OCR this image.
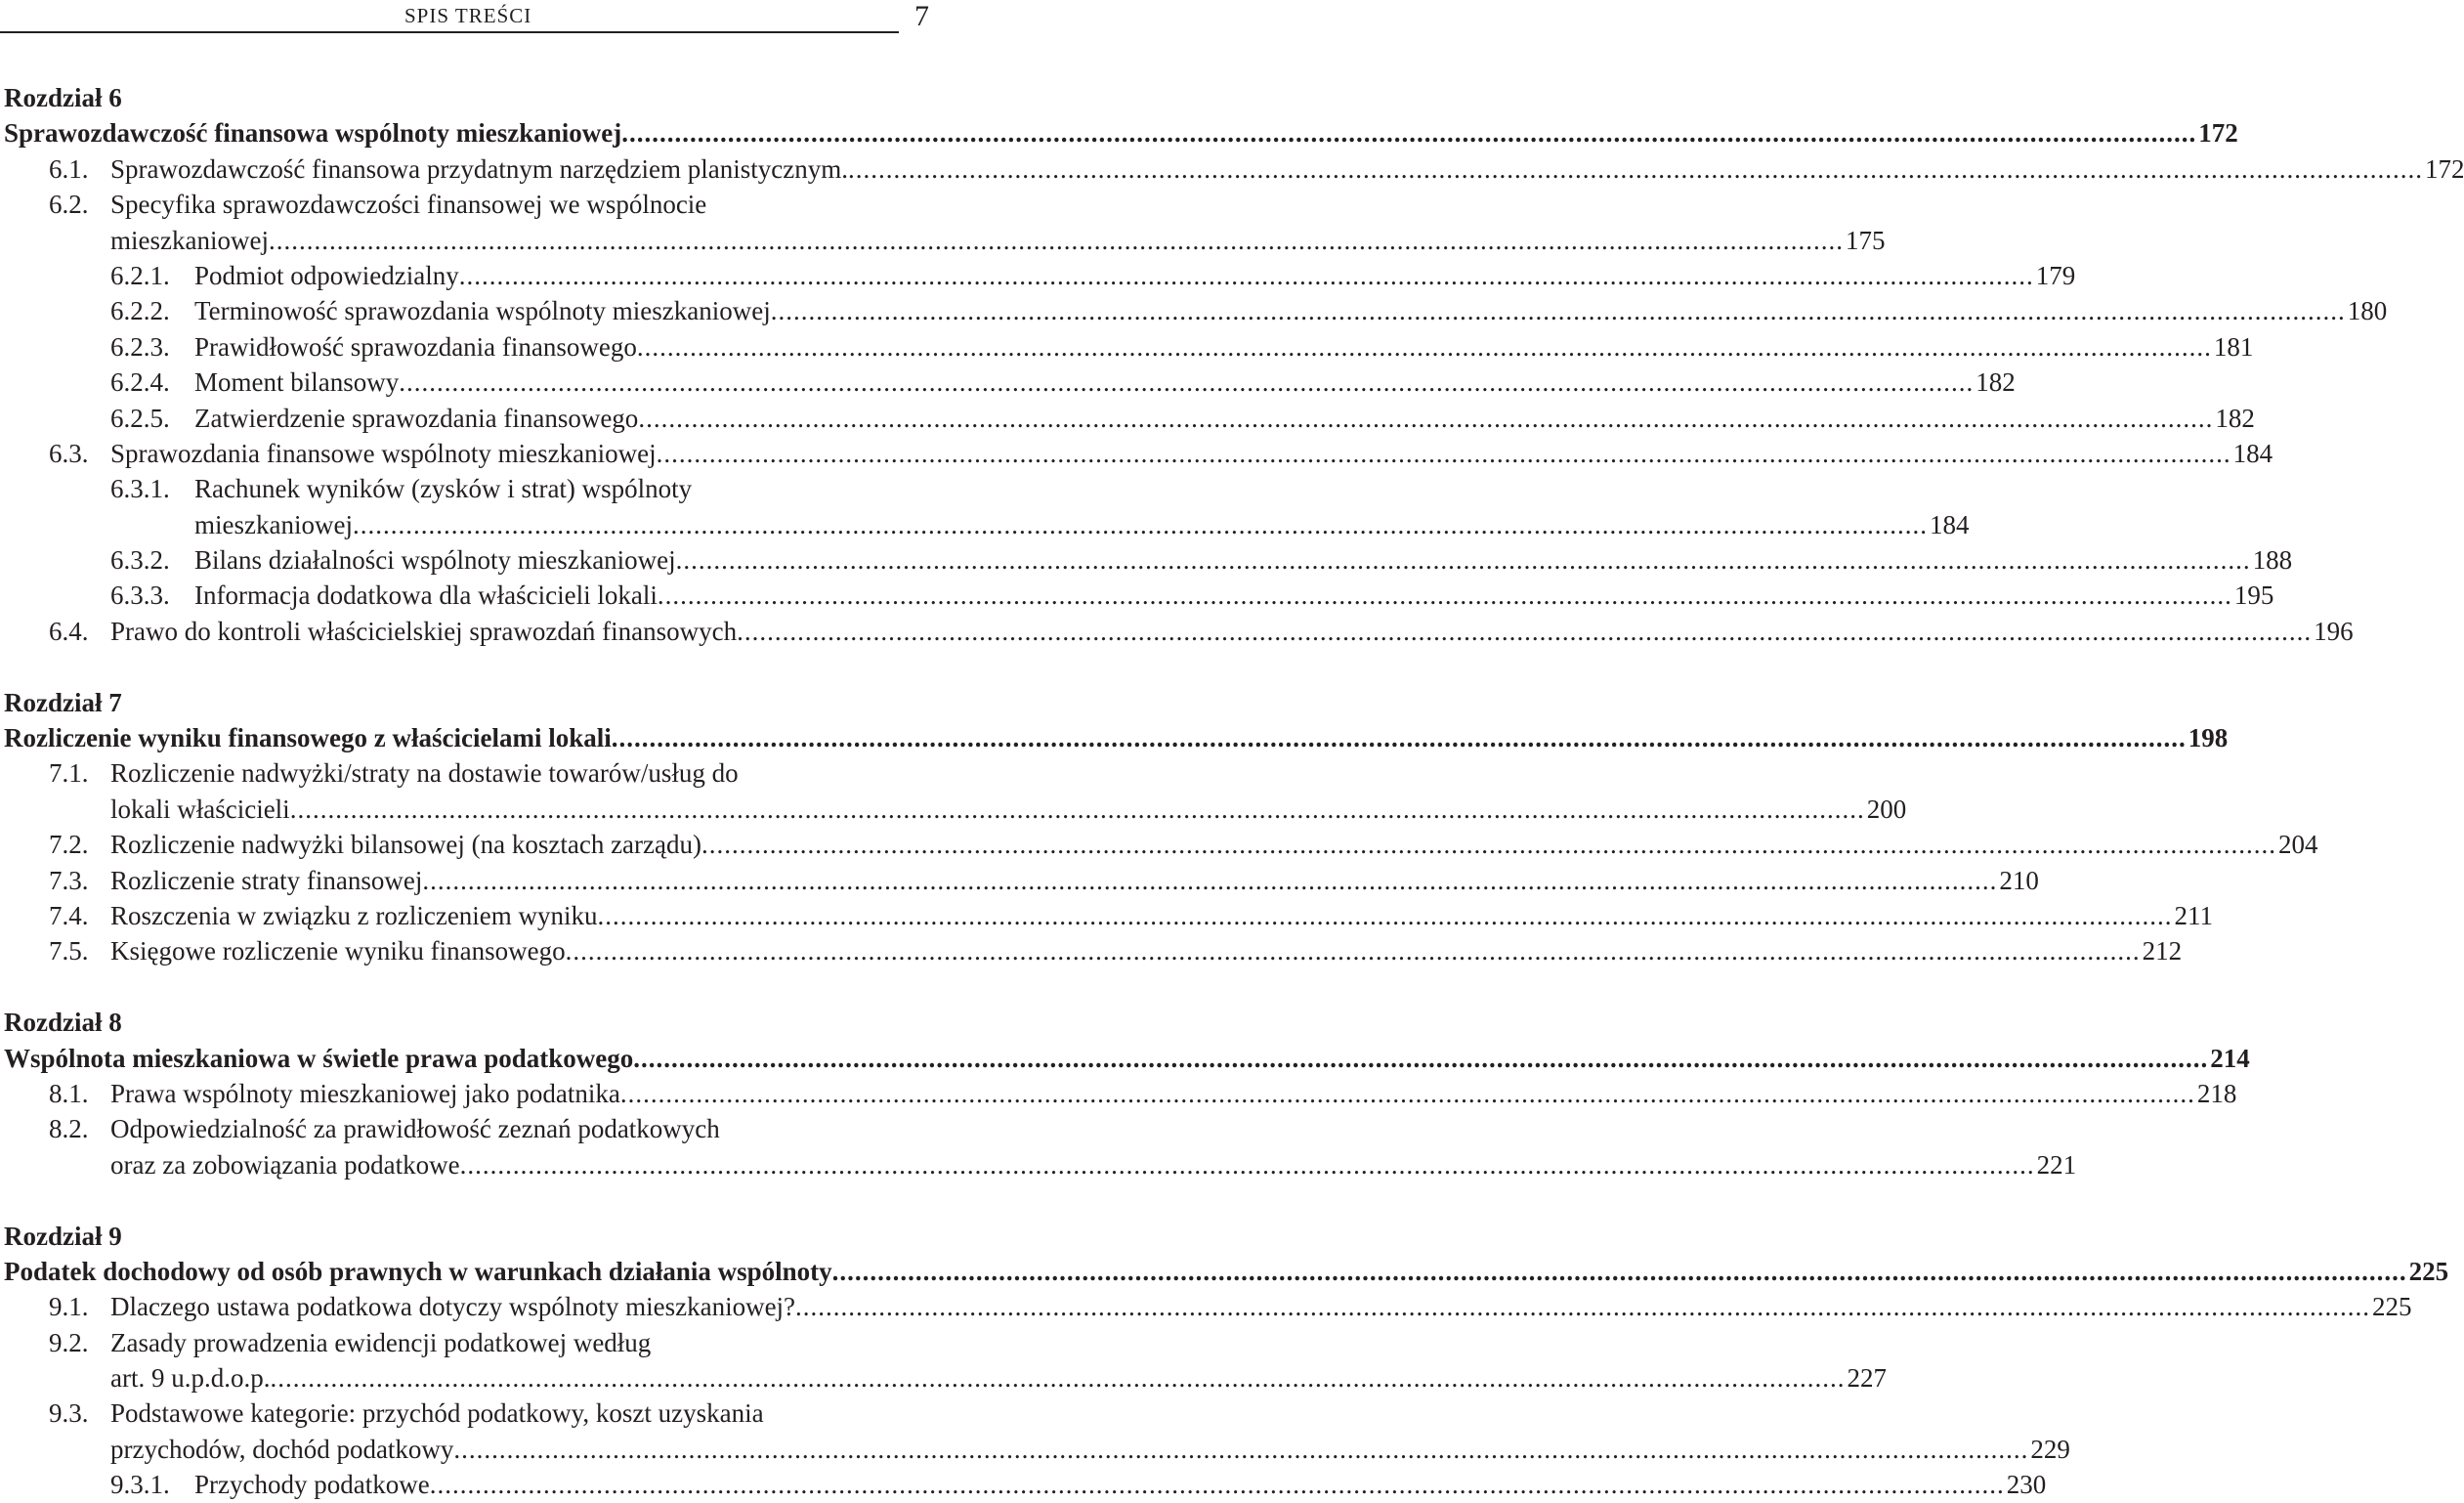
SPIS TREŚCI	7
Rozdział 6
Sprawozdawczość finansowa wspólnoty mieszkaniowej .....	172
6.1. Sprawozdawczość finansowa przydatnym narzędziem planistycznym. .....	172
6.2. Specyfika sprawozdawczości finansowej we wspólnocie
mieszkaniowej .....	175
6.2.1. Podmiot odpowiedzialny .....	179
6.2.2. Terminowość sprawozdania wspólnoty mieszkaniowej .....	180
6.2.3. Prawidłowość sprawozdania finansowego .....	181
6.2.4. Moment bilansowy .....	182
6.2.5. Zatwierdzenie sprawozdania finansowego .....	182
6.3. Sprawozdania finansowe wspólnoty mieszkaniowej .....	184
6.3.1. Rachunek wyników (zysków i strat) wspólnoty
mieszkaniowej .....	184
6.3.2. Bilans działalności wspólnoty mieszkaniowej .....	188
6.3.3. Informacja dodatkowa dla właścicieli lokali .....	195
6.4. Prawo do kontroli właścicielskiej sprawozdań finansowych .....	196
Rozdział 7
Rozliczenie wyniku finansowego z właścicielami lokali .....	198
7.1. Rozliczenie nadwyżki/straty na dostawie towarów/usług do
lokali właścicieli .....	200
7.2. Rozliczenie nadwyżki bilansowej (na kosztach zarządu) .....	204
7.3. Rozliczenie straty finansowej .....	210
7.4. Roszczenia w związku z rozliczeniem wyniku .....	211
7.5. Księgowe rozliczenie wyniku finansowego .....	212
Rozdział 8
Wspólnota mieszkaniowa w świetle prawa podatkowego .....	214
8.1. Prawa wspólnoty mieszkaniowej jako podatnika .....	218
8.2. Odpowiedzialność za prawidłowość zeznań podatkowych
oraz za zobowiązania podatkowe .....	221
Rozdział 9
Podatek dochodowy od osób prawnych w warunkach działania wspólnoty .....	225
9.1. Dlaczego ustawa podatkowa dotyczy wspólnoty mieszkaniowej? .....	225
9.2. Zasady prowadzenia ewidencji podatkowej według
art. 9 u.p.d.o.p. .....	227
9.3. Podstawowe kategorie: przychód podatkowy, koszt uzyskania
przychodów, dochód podatkowy .....	229
9.3.1. Przychody podatkowe .....	230
